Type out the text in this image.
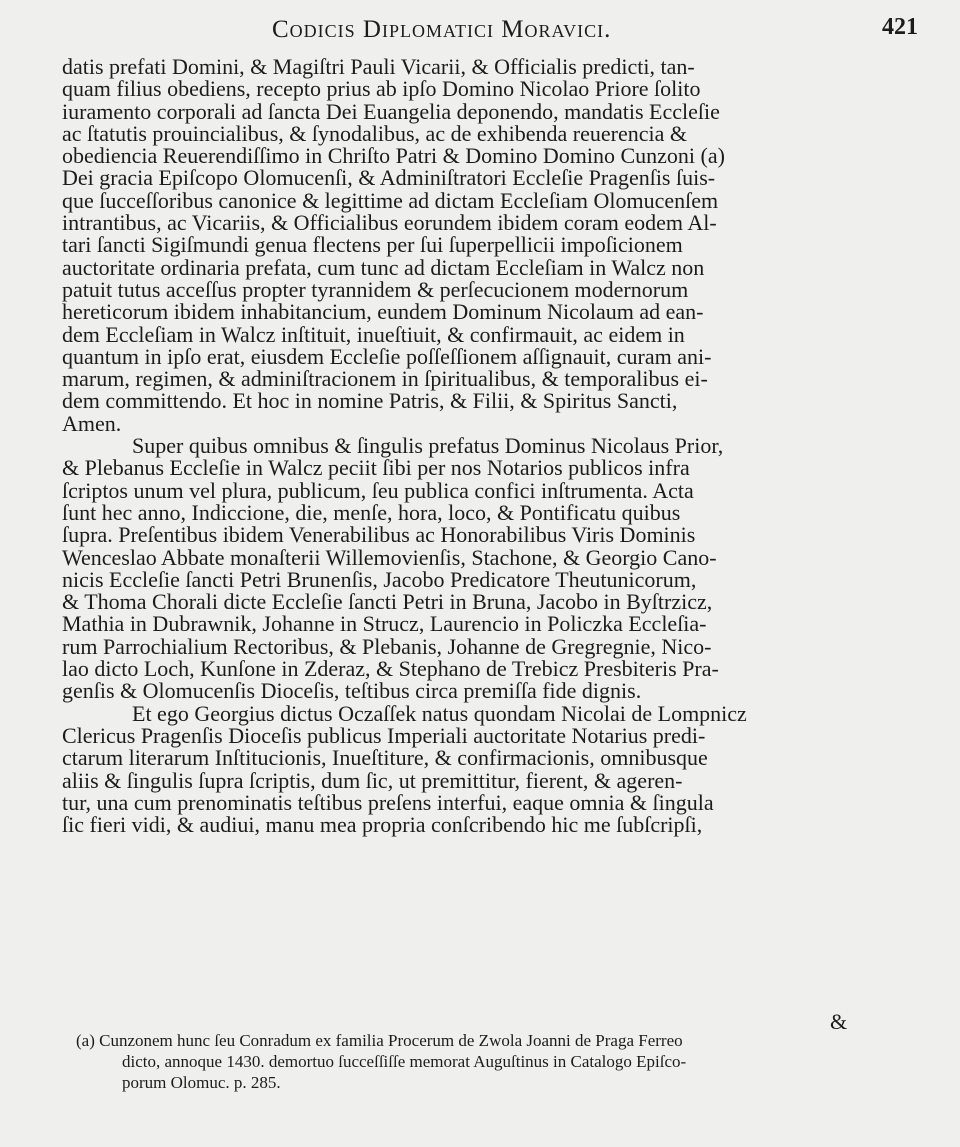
Codicis Diplomatici Moravici.	421
datis prefati Domini, & Magiſtri Pauli Vicarii, & Officialis predicti, tan-
quam filius obediens, recepto prius ab ipſo Domino Nicolao Priore ſolito
iuramento corporali ad ſancta Dei Euangelia deponendo, mandatis Eccleſie
ac ſtatutis prouincialibus, & ſynodalibus, ac de exhibenda reuerencia &
obediencia Reuerendiſſimo in Chriſto Patri & Domino Domino Cunzoni (a)
Dei gracia Epiſcopo Olomucenſi, & Adminiſtratori Eccleſie Pragenſis ſuis-
que ſucceſſoribus canonice & legittime ad dictam Eccleſiam Olomucenſem
intrantibus, ac Vicariis, & Officialibus eorundem ibidem coram eodem Al-
tari ſancti Sigiſmundi genua flectens per ſui ſuperpellicii impoſicionem
auctoritate ordinaria prefata, cum tunc ad dictam Eccleſiam in Walcz non
patuit tutus acceſſus propter tyrannidem & perſecucionem modernorum
hereticorum ibidem inhabitancium, eundem Dominum Nicolaum ad ean-
dem Eccleſiam in Walcz inſtituit, inueſtiuit, & confirmauit, ac eidem in
quantum in ipſo erat, eiusdem Eccleſie poſſeſſionem aſſignauit, curam ani-
marum, regimen, & adminiſtracionem in ſpiritualibus, & temporalibus ei-
dem committendo. Et hoc in nomine Patris, & Filii, & Spiritus Sancti,
Amen.
Super quibus omnibus & ſingulis prefatus Dominus Nicolaus Prior,
& Plebanus Eccleſie in Walcz peciit ſibi per nos Notarios publicos infra
ſcriptos unum vel plura, publicum, ſeu publica confici inſtrumenta. Acta
ſunt hec anno, Indiccione, die, menſe, hora, loco, & Pontificatu quibus
ſupra. Preſentibus ibidem Venerabilibus ac Honorabilibus Viris Dominis
Wenceslao Abbate monaſterii Willemovienſis, Stachone, & Georgio Cano-
nicis Eccleſie ſancti Petri Brunenſis, Jacobo Predicatore Theutunicorum,
& Thoma Chorali dicte Eccleſie ſancti Petri in Bruna, Jacobo in Byſtrzicz,
Mathia in Dubrawnik, Johanne in Strucz, Laurencio in Policzka Eccleſia-
rum Parrochialium Rectoribus, & Plebanis, Johanne de Gregregnie, Nico-
lao dicto Loch, Kunſone in Zderaz, & Stephano de Trebicz Presbiteris Pra-
genſis & Olomucenſis Dioceſis, teſtibus circa premiſſa fide dignis.
Et ego Georgius dictus Oczaſſek natus quondam Nicolai de Lompnicz
Clericus Pragenſis Dioceſis publicus Imperiali auctoritate Notarius predi-
ctarum literarum Inſtitucionis, Inueſtiture, & confirmacionis, omnibusque
aliis & ſingulis ſupra ſcriptis, dum ſic, ut premittitur, fierent, & ageren-
tur, una cum prenominatis teſtibus preſens interfui, eaque omnia & ſingula
ſic fieri vidi, & audiui, manu mea propria conſcribendo hic me ſubſcripſi,
&
(a) Cunzonem hunc ſeu Conradum ex familia Procerum de Zwola Joanni de Praga Ferreo
dicto, annoque 1430. demortuo ſucceſſiſſe memorat Auguſtinus in Catalogo Epiſco-
porum Olomuc. p. 285.
